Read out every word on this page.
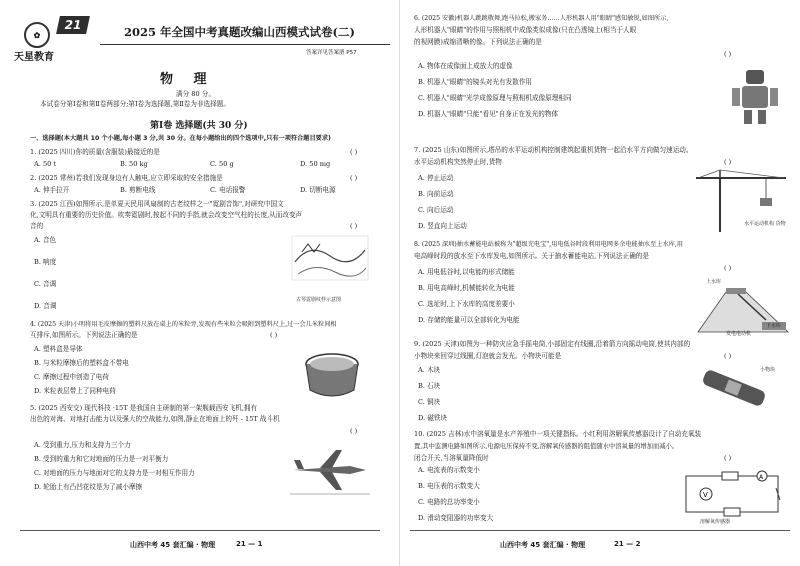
✿
天星教育
21	2025 年全国中考真题改编山西模式试卷(二)
答案详见答案册 P57
物 理
满分 80 分。
本试卷分第Ⅰ卷和第Ⅱ卷两部分;第Ⅰ卷为选择题,第Ⅱ卷为非选择题。
第Ⅰ卷 选择题(共 30 分)
一、选择题(本大题共 10 个小题,每小题 3 分,共 30 分。在每小题给出的四个选项中,只有一项符合题目要求)
1. (2025 四川)你的质量(含服装)最接近的是	( )
A. 50 t	B. 50 kg	C. 50 g	D. 50 mg
2. (2025 常州)若我们发现身边有人触电,应立即采取的安全措施是	( )
A. 伸手拉开	B. 剪断电线	C. 电话报警	D. 切断电源
3. (2025 江西)如图所示,是单夏天民用风扇制的古老纹样之一"霓剧音饰",对研究中国文
化,文明具有重要的历史价值。吹奏霓剧时,按起不同的手指,就会改变空气柱的长度,从而改变声
音的	( )
A. 音色
B. 响度
C. 音调
D. 音调
古琴霓剧纹样示意图
4. (2025 天津)小明将用毛皮摩擦的塑料尺放在桌上的米粒旁,发现有些米粒会吸附到塑料尺上,过一会儿米粒间相
互排斥,如图所示。下列说法正确的是	( )
A. 塑料盒是导体
B. 与米粒摩擦后的塑料盒不带电
C. 摩擦过程中创造了电荷
D. 米粒表层带上了同种电荷
5. (2025 西安交) 现代科技 ·15T 是我国自主研制的第一架舰载西安飞机,拥有
出色的对海、对地打击能力以及强大的空战能力,如图,静止在地面上的歼 - 15T 战斗机
( )
A. 受到重力,压力和支持力三个力
B. 受到的重力和它对地面的压力是一对平衡力
C. 对地面的压力与地面对它的支持力是一对相互作用力
D. 轮胎上有凸凹花纹是为了减小摩擦
山西中考 45 套汇编 · 物理	21 — 1
6. (2025 安徽)机器人跳跳敬舞,跑马拉松,搬家务……人形机器人用"眼睛"感知敏锐,如图所示,
人形机器人"眼睛"的作用与照相机中成像类似成像(只在凸透镜上(相当于人眼
的视网膜)成缩清晰的像。下列说法正确的是
( )
A. 物体在成像面上成放大的虚像
B. 机器人"眼睛"的镜头对光有发散作用
C. 机器人"眼睛"光学成像原理与照相机成像原理相同
D. 机器人"眼睛"只能"看见"自身正在发光的物体
7. (2025 山东)如图所示,塔吊的水平运动机构控制建筑起重机货物一起沿水平方向做匀速运动。
水平运动机构突然停止时,货物	( )
A. 停止运动
B. 向前运动
C. 向后运动
D. 竖直向上运动	水平运动机构 货物
8. (2025 深圳)抽水蓄能电站被称为"超级充电宝",用电低谷时段利用电网多余电能抽水至上水库,用
电高峰时段的放水至下水库发电,如图所示。关于抽水蓄能电站,下列说法正确的是
( )
A. 用电低谷时,以电能的形式储能
B. 用电高峰时,机械能转化为电能
C. 选址时,上下水库的高度差要小
D. 存储的能量可以全部转化为电能
上水库
下水库
发电电动机
9. (2025 天津)如图为一种防灾应急手摇电筒,小部固定有线圈,沿着箭方向摇动电筒,使其内部的
小物块来回穿过线圈,灯泡就会发光。小物块可能是	( )
A. 木块
B. 石块
C. 铜块
D. 磁铁块
小物块
10. (2025 吉林)水中溶氧量是水产养殖中一项关键指标。小红利用溶解氧传感器设计了自动充氧装
置,其中监测电路如图所示,电源电压保持不变,溶解氧传感器的阻值随水中溶氧量的增加而减小。
闭合开关,当溶氧量降低时	( )
A. 电流表的示数变小
B. 电压表的示数变大
C. 电路的总功率变小
D. 滑动变阻器的功率变大
V
A
溶解氧传感器
山西中考 45 套汇编 · 物理	21 — 2
